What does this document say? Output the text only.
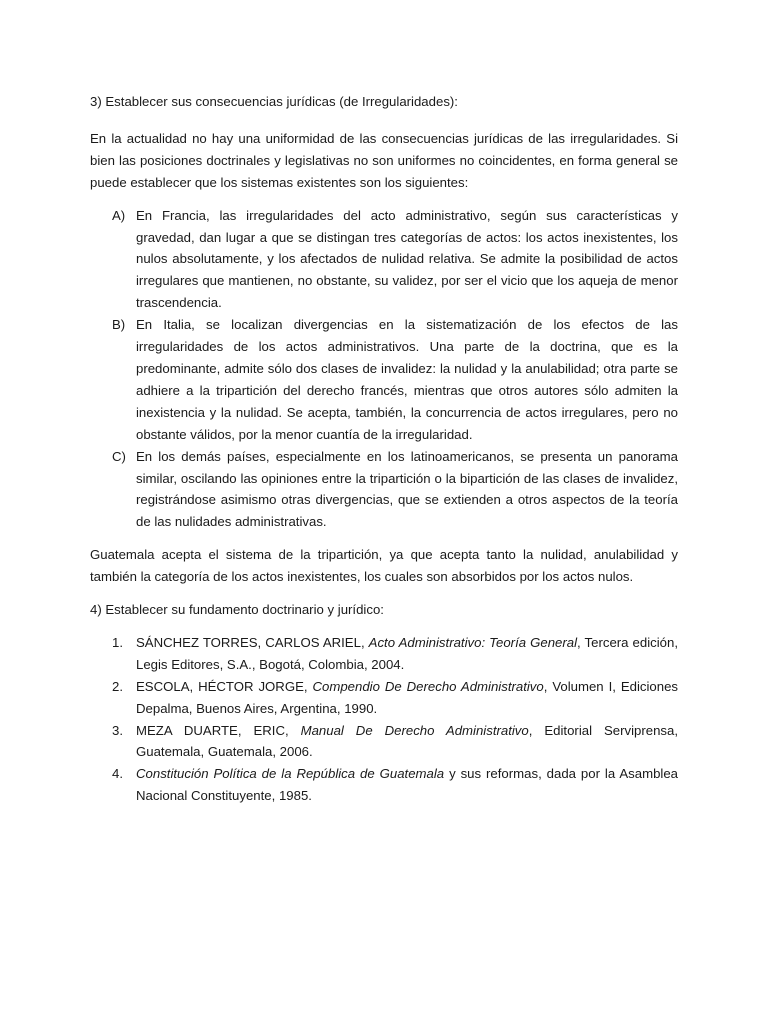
3) Establecer sus consecuencias jurídicas (de Irregularidades):

En la actualidad no hay una uniformidad de las consecuencias jurídicas de las irregularidades. Si bien las posiciones doctrinales y legislativas no son uniformes no coincidentes, en forma general se puede establecer que los sistemas existentes son los siguientes:

A) En Francia, las irregularidades del acto administrativo, según sus características y gravedad, dan lugar a que se distingan tres categorías de actos: los actos inexistentes, los nulos absolutamente, y los afectados de nulidad relativa. Se admite la posibilidad de actos irregulares que mantienen, no obstante, su validez, por ser el vicio que los aqueja de menor trascendencia.
B) En Italia, se localizan divergencias en la sistematización de los efectos de las irregularidades de los actos administrativos. Una parte de la doctrina, que es la predominante, admite sólo dos clases de invalidez: la nulidad y la anulabilidad; otra parte se adhiere a la tripartición del derecho francés, mientras que otros autores sólo admiten la inexistencia y la nulidad. Se acepta, también, la concurrencia de actos irregulares, pero no obstante válidos, por la menor cuantía de la irregularidad.
C) En los demás países, especialmente en los latinoamericanos, se presenta un panorama similar, oscilando las opiniones entre la tripartición o la bipartición de las clases de invalidez, registrándose asimismo otras divergencias, que se extienden a otros aspectos de la teoría de las nulidades administrativas.

Guatemala acepta el sistema de la tripartición, ya que acepta tanto la nulidad, anulabilidad y también la categoría de los actos inexistentes, los cuales son absorbidos por los actos nulos.

4) Establecer su fundamento doctrinario y jurídico:

1. SÁNCHEZ TORRES, CARLOS ARIEL, Acto Administrativo: Teoría General, Tercera edición, Legis Editores, S.A., Bogotá, Colombia, 2004.
2. ESCOLA, HÉCTOR JORGE, Compendio De Derecho Administrativo, Volumen I, Ediciones Depalma, Buenos Aires, Argentina, 1990.
3. MEZA DUARTE, ERIC, Manual De Derecho Administrativo, Editorial Serviprensa, Guatemala, Guatemala, 2006.
4. Constitución Política de la República de Guatemala y sus reformas, dada por la Asamblea Nacional Constituyente, 1985.
